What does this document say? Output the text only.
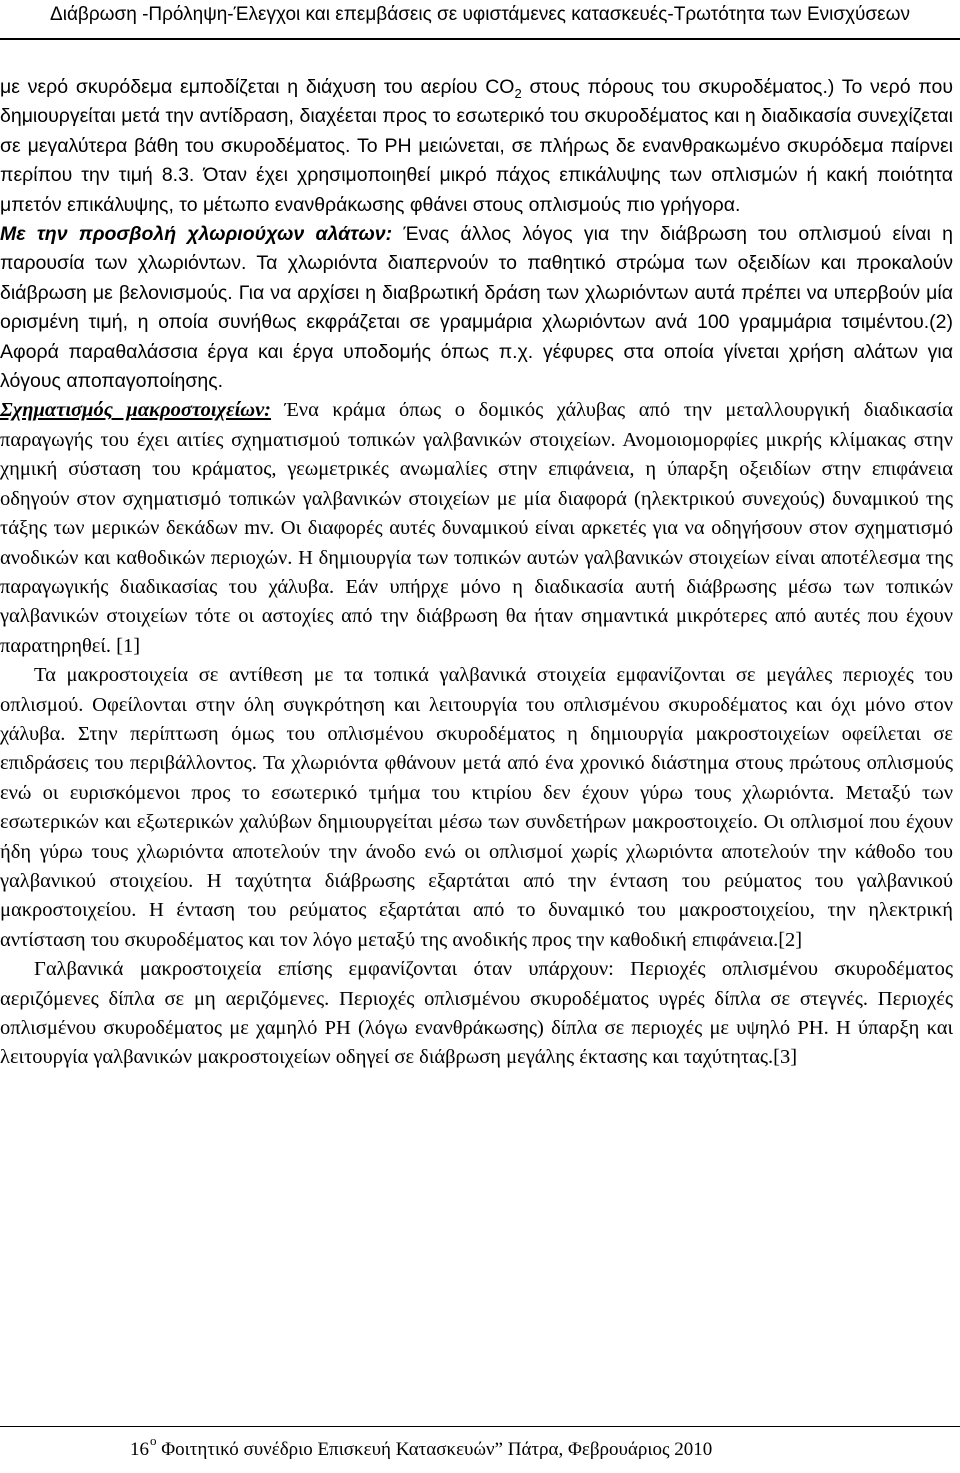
Διάβρωση -Πρόληψη-Έλεγχοι και επεμβάσεις σε υφιστάμενες κατασκευές-Τρωτότητα των Ενισχύσεων

με νερό σκυρόδεμα εμποδίζεται η διάχυση του αερίου $CO_2$ στους πόρους του σκυροδέματος.) Το νερό που δημιουργείται μετά την αντίδραση, διαχέεται προς το εσωτερικό του σκυροδέματος και η διαδικασία συνεχίζεται σε μεγαλύτερα βάθη του σκυροδέματος. Το PH μειώνεται, σε πλήρως δε ενανθρακωμένο σκυρόδεμα παίρνει περίπου την τιμή 8.3. Όταν έχει χρησιμοποιηθεί μικρό πάχος επικάλυψης των οπλισμών ή κακή ποιότητα μπετόν επικάλυψης, το μέτωπο ενανθράκωσης φθάνει στους οπλισμούς πιο γρήγορα.

Με την προσβολή χλωριούχων αλάτων: Ένας άλλος λόγος για την διάβρωση του οπλισμού είναι η παρουσία των χλωριόντων. Τα χλωριόντα διαπερνούν το παθητικό στρώμα των οξειδίων και προκαλούν διάβρωση με βελονισμούς. Για να αρχίσει η διαβρωτική δράση των χλωριόντων αυτά πρέπει να υπερβούν μία ορισμένη τιμή, η οποία συνήθως εκφράζεται σε γραμμάρια χλωριόντων ανά 100 γραμμάρια τσιμέντου.(2) Αφορά παραθαλάσσια έργα και έργα υποδομής όπως π.χ. γέφυρες στα οποία γίνεται χρήση αλάτων για λόγους αποπαγοποίησης.

Σχηματισμός μακροστοιχείων: Ένα κράμα όπως ο δομικός χάλυβας από την μεταλλουργική διαδικασία παραγωγής του έχει αιτίες σχηματισμού τοπικών γαλβανικών στοιχείων. Ανομοιομορφίες μικρής κλίμακας στην χημική σύσταση του κράματος, γεωμετρικές ανωμαλίες στην επιφάνεια, η ύπαρξη οξειδίων στην επιφάνεια οδηγούν στον σχηματισμό τοπικών γαλβανικών στοιχείων με μία διαφορά (ηλεκτρικού συνεχούς) δυναμικού της τάξης των μερικών δεκάδων mv. Οι διαφορές αυτές δυναμικού είναι αρκετές για να οδηγήσουν στον σχηματισμό ανοδικών και καθοδικών περιοχών. Η δημιουργία των τοπικών αυτών γαλβανικών στοιχείων είναι αποτέλεσμα της παραγωγικής διαδικασίας του χάλυβα. Εάν υπήρχε μόνο η διαδικασία αυτή διάβρωσης μέσω των τοπικών γαλβανικών στοιχείων τότε οι αστοχίες από την διάβρωση θα ήταν σημαντικά μικρότερες από αυτές που έχουν παρατηρηθεί. [1]

Τα μακροστοιχεία σε αντίθεση με τα τοπικά γαλβανικά στοιχεία εμφανίζονται σε μεγάλες περιοχές του οπλισμού. Οφείλονται στην όλη συγκρότηση και λειτουργία του οπλισμένου σκυροδέματος και όχι μόνο στον χάλυβα. Στην περίπτωση όμως του οπλισμένου σκυροδέματος η δημιουργία μακροστοιχείων οφείλεται σε επιδράσεις του περιβάλλοντος. Τα χλωριόντα φθάνουν μετά από ένα χρονικό διάστημα στους πρώτους οπλισμούς ενώ οι ευρισκόμενοι προς το εσωτερικό τμήμα του κτιρίου δεν έχουν γύρω τους χλωριόντα. Μεταξύ των εσωτερικών και εξωτερικών χαλύβων δημιουργείται μέσω των συνδετήρων μακροστοιχείο. Οι οπλισμοί που έχουν ήδη γύρω τους χλωριόντα αποτελούν την άνοδο ενώ οι οπλισμοί χωρίς χλωριόντα αποτελούν την κάθοδο του γαλβανικού στοιχείου. Η ταχύτητα διάβρωσης εξαρτάται από την ένταση του ρεύματος του γαλβανικού μακροστοιχείου. Η ένταση του ρεύματος εξαρτάται από το δυναμικό του μακροστοιχείου, την ηλεκτρική αντίσταση του σκυροδέματος και τον λόγο μεταξύ της ανοδικής προς την καθοδική επιφάνεια.[2]

Γαλβανικά μακροστοιχεία επίσης εμφανίζονται όταν υπάρχουν: Περιοχές οπλισμένου σκυροδέματος αεριζόμενες δίπλα σε μη αεριζόμενες. Περιοχές οπλισμένου σκυροδέματος υγρές δίπλα σε στεγνές. Περιοχές οπλισμένου σκυροδέματος με χαμηλό PH (λόγω ενανθράκωσης) δίπλα σε περιοχές με υψηλό PH. Η ύπαρξη και λειτουργία γαλβανικών μακροστοιχείων οδηγεί σε διάβρωση μεγάλης έκτασης και ταχύτητας.[3]

$16^o$ Φοιτητικό συνέδριο Επισκευή Κατασκευών” Πάτρα, Φεβρουάριος 2010
